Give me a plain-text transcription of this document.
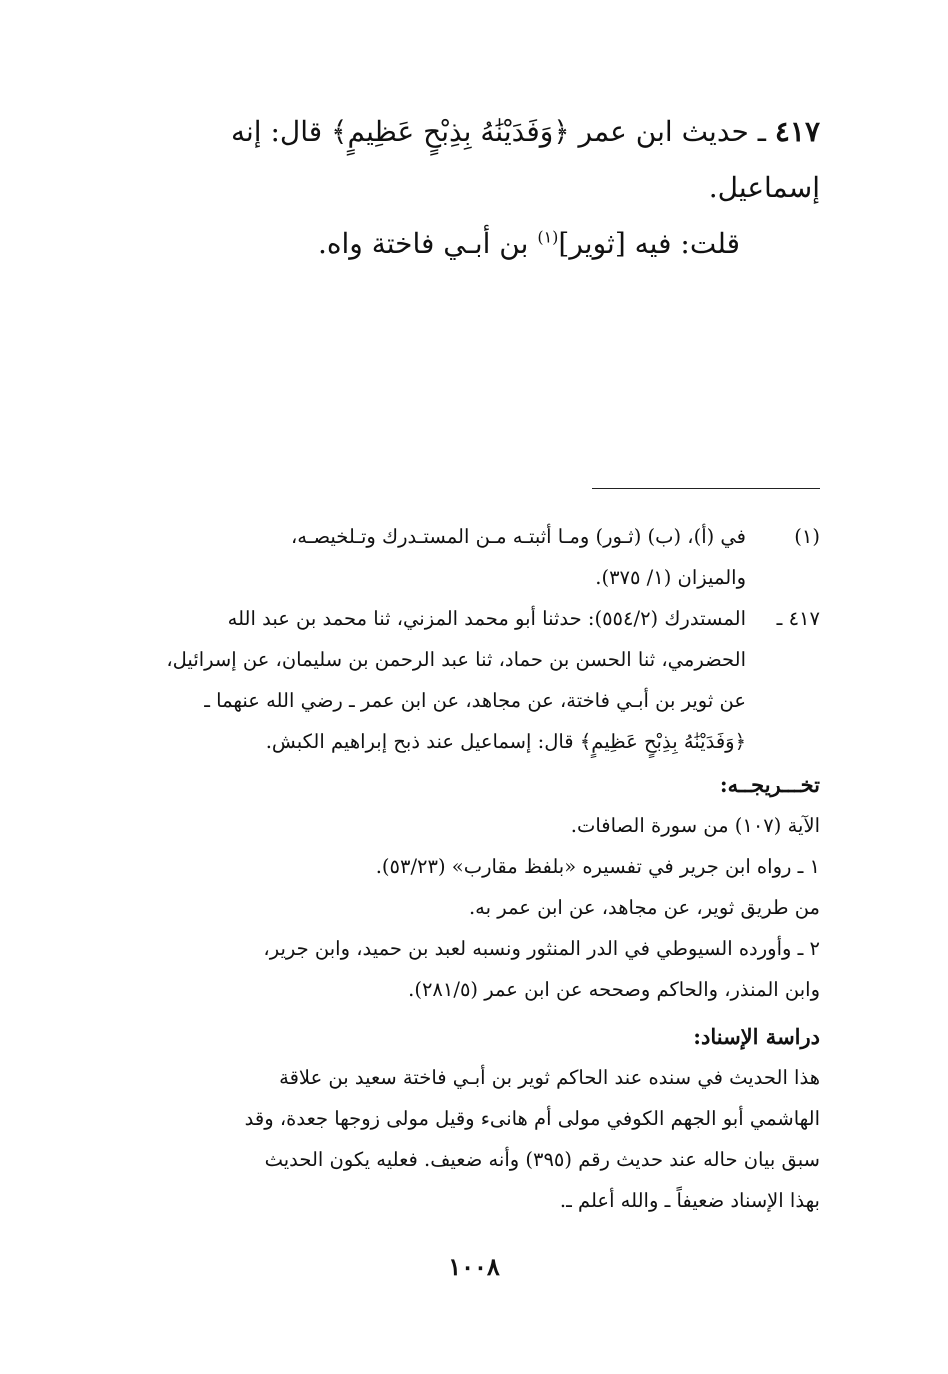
٤١٧ ـ حديث ابن عمر ﴿وَفَدَيْنَٰهُ بِذِبْحٍ عَظِيمٍ﴾ قال: إنه إسماعيل.
قلت: فيه [ثوير]$^{(١)}$ بن أبـي فاختة واه.
(١)
في (أ)، (ب) (ثـور) ومـا أثبتـه مـن المستـدرك وتـلخيصـه،
والميزان (١/ ٣٧٥).
٤١٧ ـ
المستدرك (٥٥٤/٢): حدثنا أبو محمد المزني، ثنا محمد بن عبد الله
الحضرمي، ثنا الحسن بن حماد، ثنا عبد الرحمن بن سليمان، عن إسرائيل،
عن ثوير بن أبـي فاختة، عن مجاهد، عن ابن عمر ـ رضي الله عنهما ـ
﴿وَفَدَيْنَٰهُ بِذِبْحٍ عَظِيمٍ﴾ قال: إسماعيل عند ذبح إبراهيم الكبش.
تخـــريجــه:
الآية (١٠٧) من سورة الصافات.
١ ـ رواه ابن جرير في تفسيره «بلفظ مقارب» (٥٣/٢٣).
من طريق ثوير، عن مجاهد، عن ابن عمر به.
٢ ـ وأورده السيوطي في الدر المنثور ونسبه لعبد بن حميد، وابن جرير،
وابن المنذر، والحاكم وصححه عن ابن عمر (٢٨١/٥).
دراسة الإسناد:
هذا الحديث في سنده عند الحاكم ثوير بن أبـي فاختة سعيد بن علاقة
الهاشمي أبو الجهم الكوفي مولى أم هانىء وقيل مولى زوجها جعدة، وقد
سبق بيان حاله عند حديث رقم (٣٩٥) وأنه ضعيف. فعليه يكون الحديث
بهذا الإسناد ضعيفاً ـ والله أعلم ـ.
١٠٠٨
